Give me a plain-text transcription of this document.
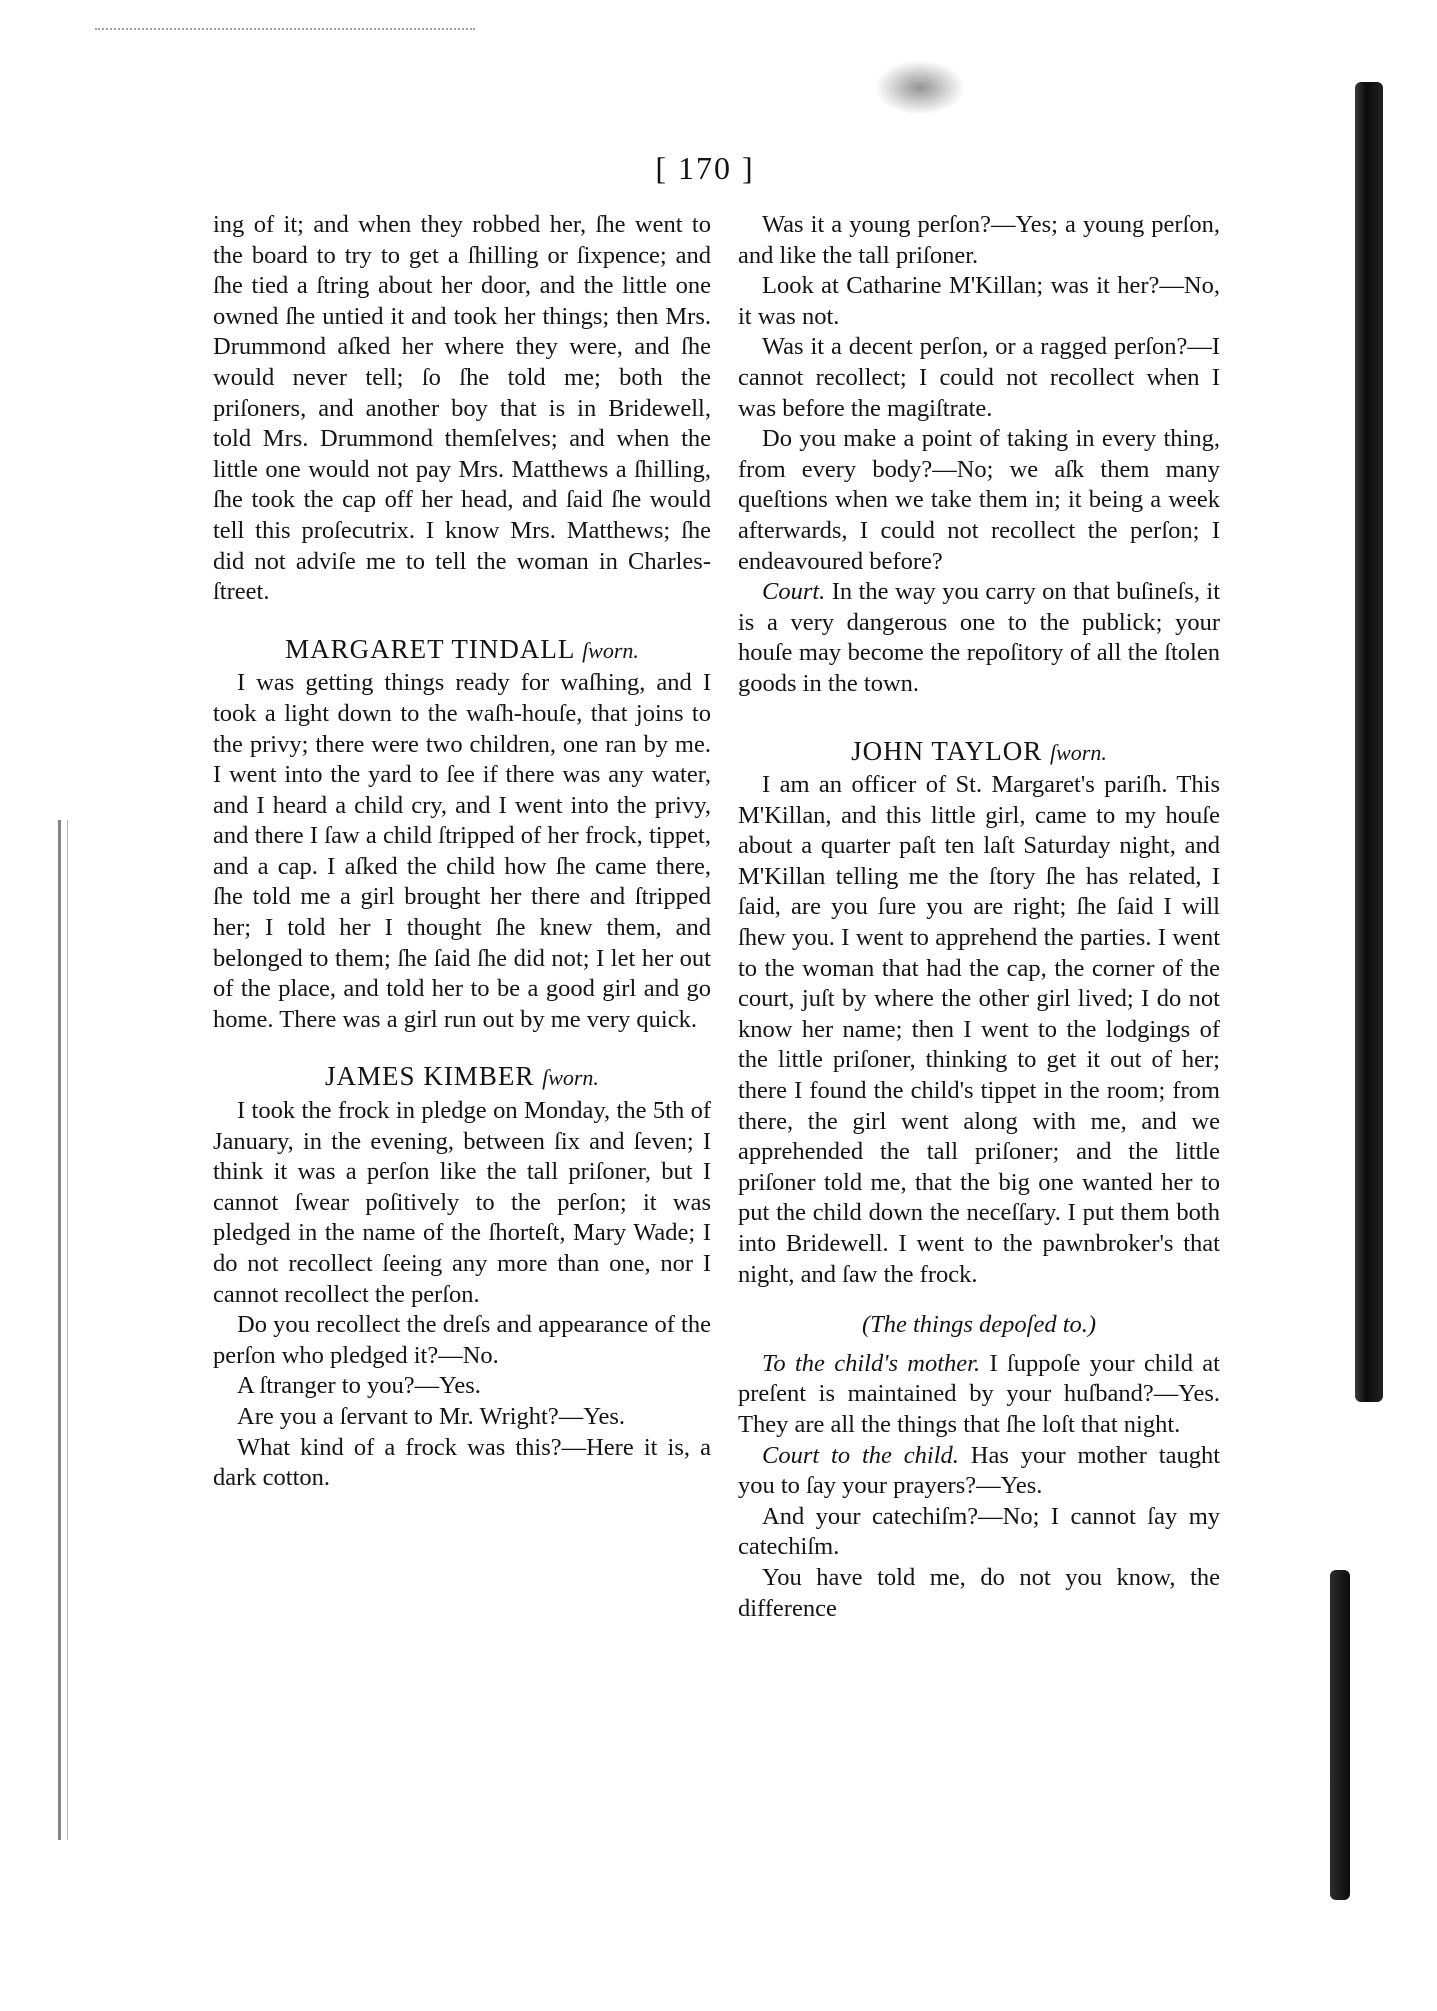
[ 170 ]

ing of it; and when they robbed her, ſhe went to the board to try to get a ſhilling or ſixpence; and ſhe tied a ſtring about her door, and the little one owned ſhe untied it and took her things; then Mrs. Drummond aſked her where they were, and ſhe would never tell; ſo ſhe told me; both the priſoners, and another boy that is in Bridewell, told Mrs. Drummond themſelves; and when the little one would not pay Mrs. Matthews a ſhilling, ſhe took the cap off her head, and ſaid ſhe would tell this proſecutrix. I know Mrs. Matthews; ſhe did not adviſe me to tell the woman in Charles-ſtreet.

MARGARET TINDALL ſworn.

I was getting things ready for waſhing, and I took a light down to the waſh-houſe, that joins to the privy; there were two children, one ran by me. I went into the yard to ſee if there was any water, and I heard a child cry, and I went into the privy, and there I ſaw a child ſtripped of her frock, tippet, and a cap. I aſked the child how ſhe came there, ſhe told me a girl brought her there and ſtripped her; I told her I thought ſhe knew them, and belonged to them; ſhe ſaid ſhe did not; I let her out of the place, and told her to be a good girl and go home. There was a girl run out by me very quick.

JAMES KIMBER ſworn.

I took the frock in pledge on Monday, the 5th of January, in the evening, between ſix and ſeven; I think it was a perſon like the tall priſoner, but I cannot ſwear poſitively to the perſon; it was pledged in the name of the ſhorteſt, Mary Wade; I do not recollect ſeeing any more than one, nor I cannot recollect the perſon.

Do you recollect the dreſs and appearance of the perſon who pledged it?—No.

A ſtranger to you?—Yes.

Are you a ſervant to Mr. Wright?—Yes.

What kind of a frock was this?—Here it is, a dark cotton.

Was it a young perſon?—Yes; a young perſon, and like the tall priſoner.

Look at Catharine M'Killan; was it her?—No, it was not.

Was it a decent perſon, or a ragged perſon?—I cannot recollect; I could not recollect when I was before the magiſtrate.

Do you make a point of taking in every thing, from every body?—No; we aſk them many queſtions when we take them in; it being a week afterwards, I could not recollect the perſon; I endeavoured before?

Court. In the way you carry on that buſineſs, it is a very dangerous one to the publick; your houſe may become the repoſitory of all the ſtolen goods in the town.

JOHN TAYLOR ſworn.

I am an officer of St. Margaret's pariſh. This M'Killan, and this little girl, came to my houſe about a quarter paſt ten laſt Saturday night, and M'Killan telling me the ſtory ſhe has related, I ſaid, are you ſure you are right; ſhe ſaid I will ſhew you. I went to apprehend the parties. I went to the woman that had the cap, the corner of the court, juſt by where the other girl lived; I do not know her name; then I went to the lodgings of the little priſoner, thinking to get it out of her; there I found the child's tippet in the room; from there, the girl went along with me, and we apprehended the tall priſoner; and the little priſoner told me, that the big one wanted her to put the child down the neceſſary. I put them both into Bridewell. I went to the pawnbroker's that night, and ſaw the frock.

(The things depoſed to.)

To the child's mother. I ſuppoſe your child at preſent is maintained by your huſband?—Yes. They are all the things that ſhe loſt that night.

Court to the child. Has your mother taught you to ſay your prayers?—Yes.

And your catechiſm?—No; I cannot ſay my catechiſm.

You have told me, do not you know, the difference
